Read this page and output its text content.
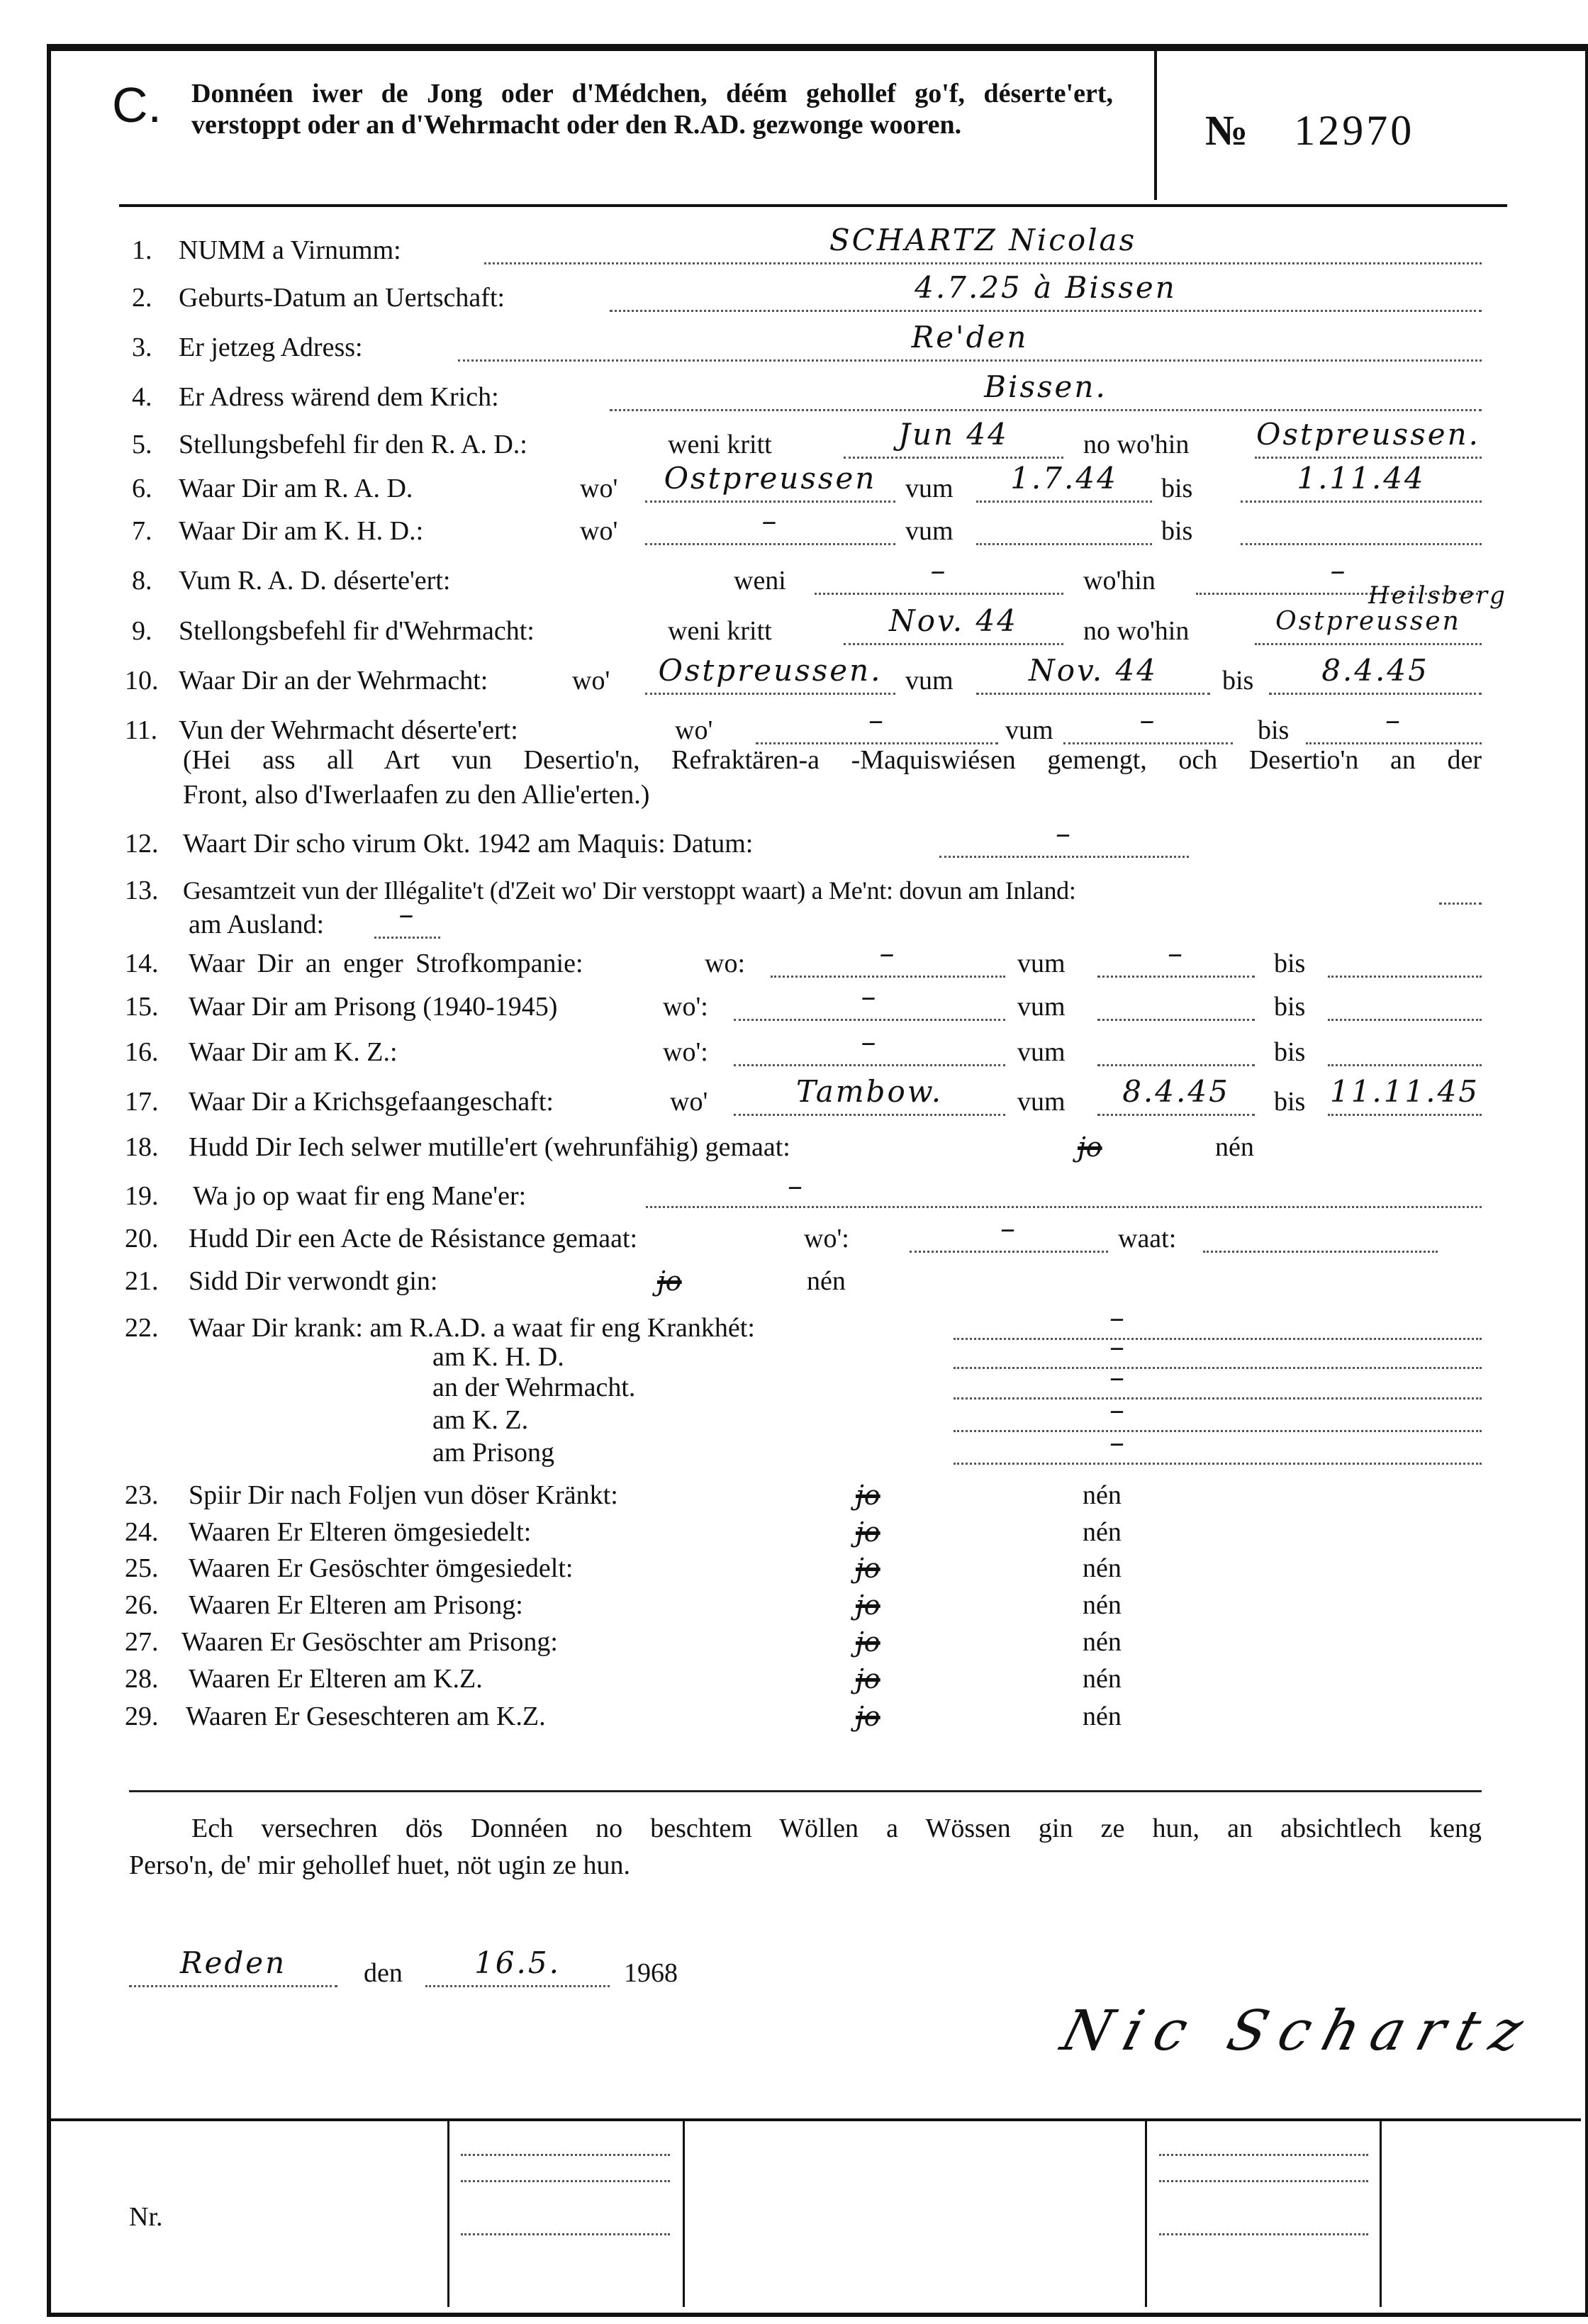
C. Donnéen iwer de Jong oder d'Médchen, déém gehollef go'f, déserte'ert, verstoppt oder an d'Wehrmacht oder den R.AD. gezwonge wooren.	№ 12970
1. NUMM a Virnumm:	SCHARTZ Nicolas
2. Geburts-Datum an Uertschaft:	4.7.25 à Bissen
3. Er jetzeg Adress:	Re'den
4. Er Adress wärend dem Krich:	Bissen.
5. Stellungsbefehl fir den R. A. D.:	weni kritt	Jun 44	no wo'hin Ostpreussen.
6. Waar Dir am R. A. D.	wo'	Ostpreussen	vum	1.7.44	bis	1.11.44
7. Waar Dir am K. H. D.:	wo'	–	vum	bis
8. Vum R. A. D. déserte'ert:	weni	–	wo'hin	–
9. Stellongsbefehl fir d'Wehrmacht:	weni kritt	Nov. 44	no wo'hin	Ostpreussen
Heilsberg
10. Waar Dir an der Wehrmacht:	wo'	Ostpreussen. vum	Nov. 44	bis	8.4.45
11. Vun der Wehrmacht déserte'ert:	wo'	–	vum	–	bis	–
(Hei ass all Art vun Desertio'n, Refraktären-a -Maquiswiésen gemengt, och Desertio'n an der
Front, also d'Iwerlaafen zu den Allie'erten.)
12. Waart Dir scho virum Okt. 1942 am Maquis: Datum:	–
13. Gesamtzeit vun der Illégalite't (d'Zeit wo' Dir verstoppt waart) a Me'nt: dovun am Inland:
am Ausland:	–
14. Waar Dir an enger Strofkompanie:	wo:	–	vum	–	bis
15. Waar Dir am Prisong (1940-1945)	wo':	–	vum	bis
16. Waar Dir am K. Z.:	wo':	–	vum	bis
17. Waar Dir a Krichsgefaangeschaft:	wo'	Tambow.	vum	8.4.45	bis 11.11.45
18. Hudd Dir Iech selwer mutille'ert (wehrunfähig) gemaat:	jo	nén
19. Wa jo op waat fir eng Mane'er:	–
20. Hudd Dir een Acte de Résistance gemaat:	wo':	–	waat:
21. Sidd Dir verwondt gin:	jo	nén
22. Waar Dir krank: am R.A.D. a waat fir eng Krankhét:	–
am K. H. D.	–
an der Wehrmacht.	–
am K. Z.	–
am Prisong	–
23. Spiir Dir nach Foljen vun döser Kränkt:	jo	nén
24. Waaren Er Elteren ömgesiedelt:	jo	nén
25. Waaren Er Gesöschter ömgesiedelt:	jo	nén
26. Waaren Er Elteren am Prisong:	jo	nén
27. Waaren Er Gesöschter am Prisong:	jo	nén
28. Waaren Er Elteren am K.Z.	jo	nén
29. Waaren Er Geseschteren am K.Z.	jo	nén
Ech versechren dös Donnéen no beschtem Wöllen a Wössen gin ze hun, an absichtlech keng
Perso'n, de' mir gehollef huet, nöt ugin ze hun.
Reden	den	16.5.	1968
Nic Schartz
Nr.
